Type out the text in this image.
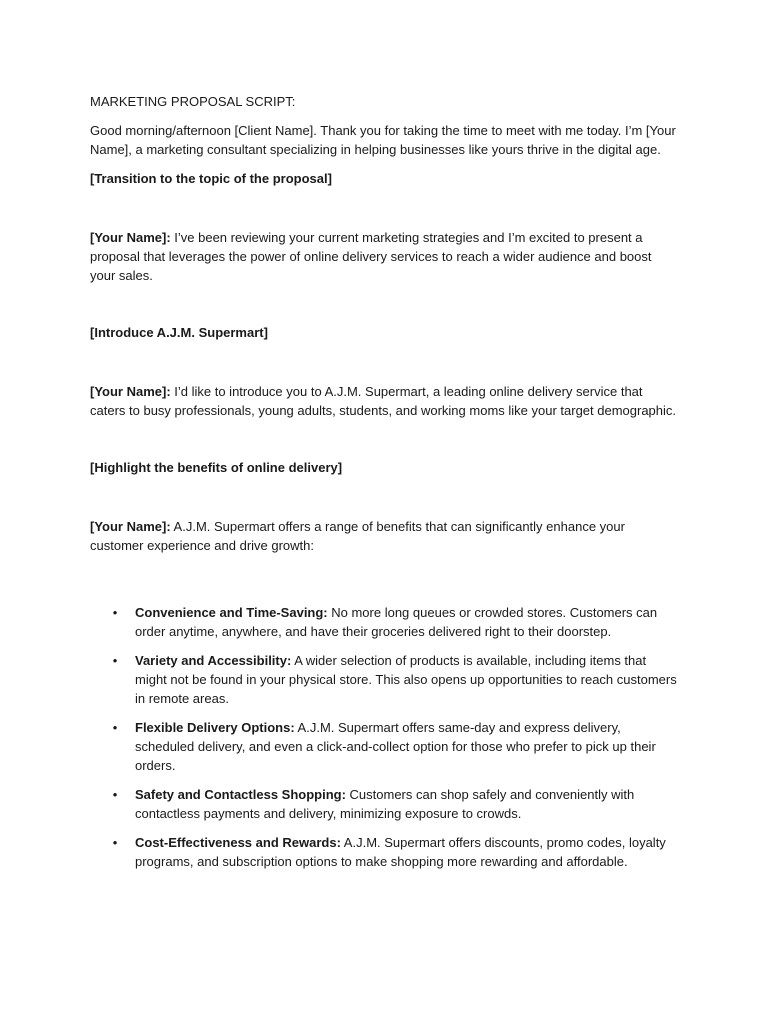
MARKETING PROPOSAL SCRIPT:

Good morning/afternoon [Client Name]. Thank you for taking the time to meet with me today. I’m [Your Name], a marketing consultant specializing in helping businesses like yours thrive in the digital age.

[Transition to the topic of the proposal]

[Your Name]: I’ve been reviewing your current marketing strategies and I’m excited to present a proposal that leverages the power of online delivery services to reach a wider audience and boost your sales.

[Introduce A.J.M. Supermart]

[Your Name]: I’d like to introduce you to A.J.M. Supermart, a leading online delivery service that caters to busy professionals, young adults, students, and working moms like your target demographic.

[Highlight the benefits of online delivery]

[Your Name]: A.J.M. Supermart offers a range of benefits that can significantly enhance your customer experience and drive growth:

• Convenience and Time-Saving: No more long queues or crowded stores. Customers can order anytime, anywhere, and have their groceries delivered right to their doorstep.
• Variety and Accessibility: A wider selection of products is available, including items that might not be found in your physical store. This also opens up opportunities to reach customers in remote areas.
• Flexible Delivery Options: A.J.M. Supermart offers same-day and express delivery, scheduled delivery, and even a click-and-collect option for those who prefer to pick up their orders.
• Safety and Contactless Shopping: Customers can shop safely and conveniently with contactless payments and delivery, minimizing exposure to crowds.
• Cost-Effectiveness and Rewards: A.J.M. Supermart offers discounts, promo codes, loyalty programs, and subscription options to make shopping more rewarding and affordable.
